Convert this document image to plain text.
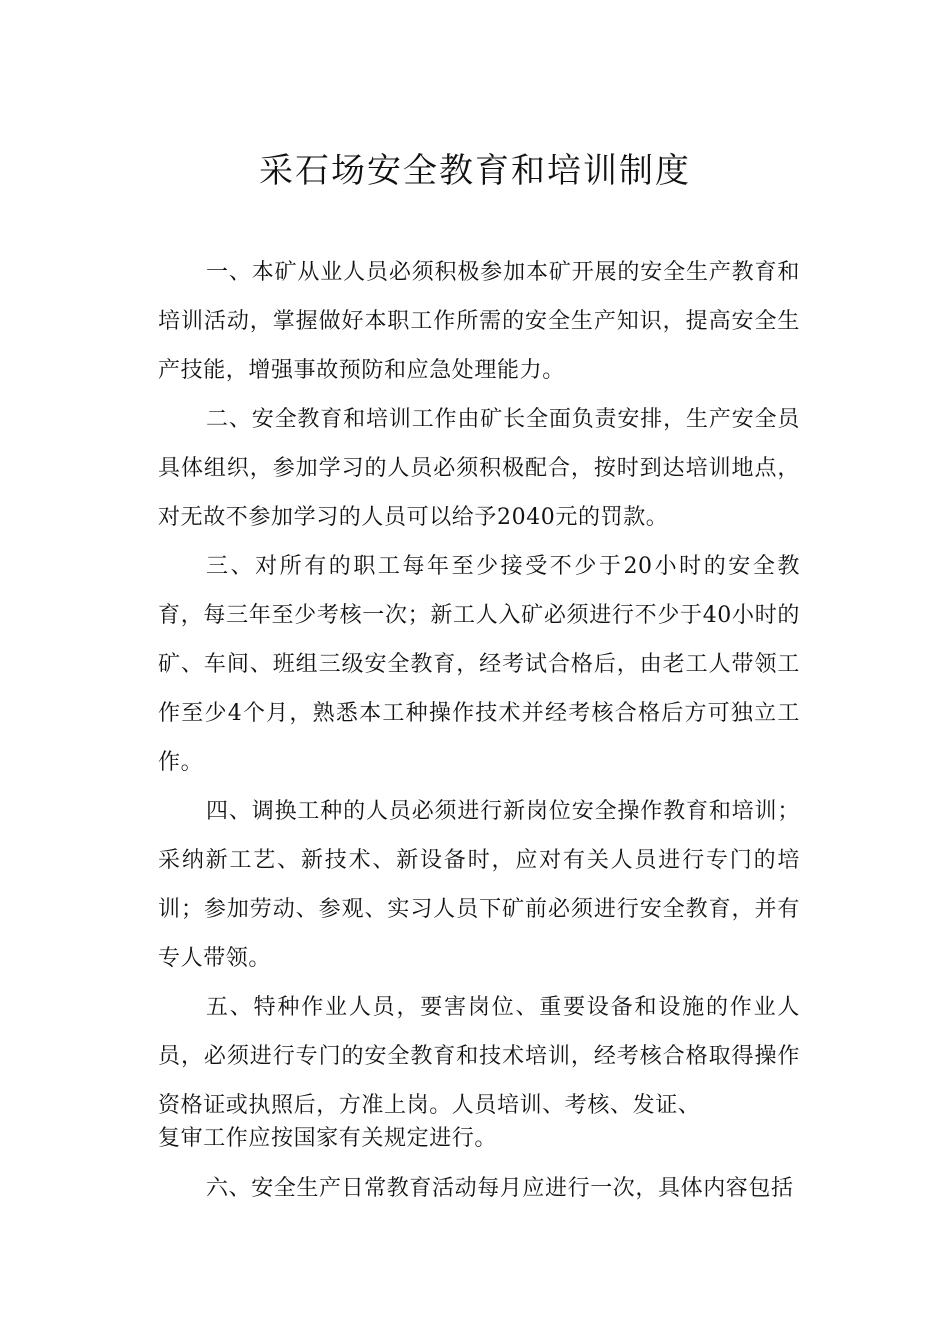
采石场安全教育和培训制度

一、本矿从业人员必须积极参加本矿开展的安全生产教育和培训活动，掌握做好本职工作所需的安全生产知识，提高安全生产技能，增强事故预防和应急处理能力。

二、安全教育和培训工作由矿长全面负责安排，生产安全员具体组织，参加学习的人员必须积极配合，按时到达培训地点，对无故不参加学习的人员可以给予2040元的罚款。

三、对所有的职工每年至少接受不少于20小时的安全教育，每三年至少考核一次；新工人入矿必须进行不少于40小时的矿、车间、班组三级安全教育，经考试合格后，由老工人带领工作至少4个月，熟悉本工种操作技术并经考核合格后方可独立工作。

四、调换工种的人员必须进行新岗位安全操作教育和培训；采纳新工艺、新技术、新设备时，应对有关人员进行专门的培训；参加劳动、参观、实习人员下矿前必须进行安全教育，并有专人带领。

五、特种作业人员，要害岗位、重要设备和设施的作业人员，必须进行专门的安全教育和技术培训，经考核合格取得操作资格证或执照后，方准上岗。人员培训、考核、发证、

复审工作应按国家有关规定进行。

六、安全生产日常教育活动每月应进行一次，具体内容包括
